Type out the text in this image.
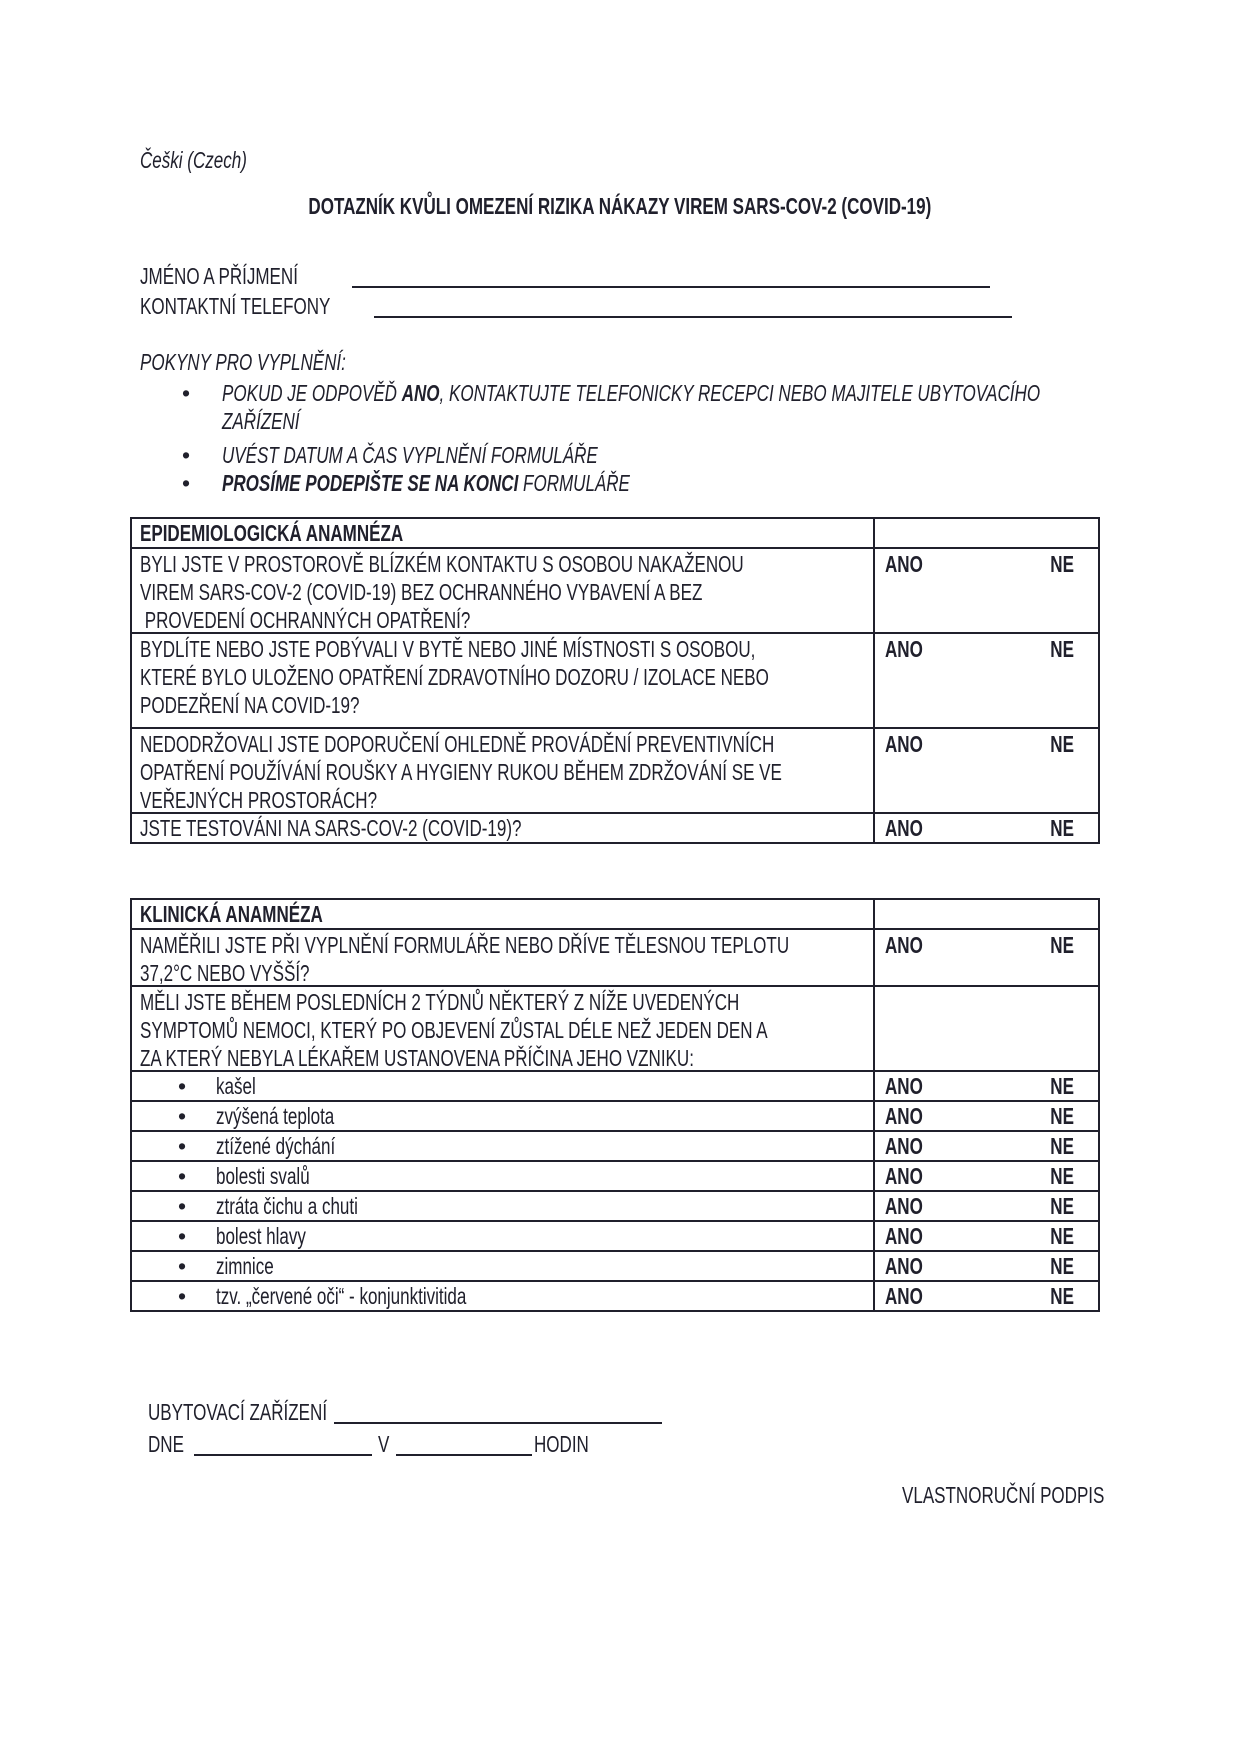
Češki (Czech)
DOTAZNÍK KVŮLI OMEZENÍ RIZIKA NÁKAZY VIREM SARS-COV-2 (COVID-19)
JMÉNO A PŘÍJMENÍ
KONTAKTNÍ TELEFONY
POKYNY PRO VYPLNĚNÍ:
• POKUD JE ODPOVĚĎ ANO, KONTAKTUJTE TELEFONICKY RECEPCI NEBO MAJITELE UBYTOVACÍHO
ZAŘÍZENÍ
• UVÉST DATUM A ČAS VYPLNĚNÍ FORMULÁŘE
• PROSÍME PODEPIŠTE SE NA KONCI FORMULÁŘE
EPIDEMIOLOGICKÁ ANAMNÉZA
BYLI JSTE V PROSTOROVĚ BLÍZKÉM KONTAKTU S OSOBOU NAKAŽENOU
VIREM SARS-COV-2 (COVID-19) BEZ OCHRANNÉHO VYBAVENÍ A BEZ
PROVEDENÍ OCHRANNÝCH OPATŘENÍ?
ANO	NE
BYDLÍTE NEBO JSTE POBÝVALI V BYTĚ NEBO JINÉ MÍSTNOSTI S OSOBOU,
KTERÉ BYLO ULOŽENO OPATŘENÍ ZDRAVOTNÍHO DOZORU / IZOLACE NEBO
PODEZŘENÍ NA COVID-19?
ANO	NE
NEDODRŽOVALI JSTE DOPORUČENÍ OHLEDNĚ PROVÁDĚNÍ PREVENTIVNÍCH
OPATŘENÍ POUŽÍVÁNÍ ROUŠKY A HYGIENY RUKOU BĚHEM ZDRŽOVÁNÍ SE VE
VEŘEJNÝCH PROSTORÁCH?
ANO	NE
JSTE TESTOVÁNI NA SARS-COV-2 (COVID-19)?	ANO	NE
KLINICKÁ ANAMNÉZA
NAMĚŘILI JSTE PŘI VYPLNĚNÍ FORMULÁŘE NEBO DŘÍVE TĚLESNOU TEPLOTU
37,2°C NEBO VYŠŠÍ?
ANO	NE
MĚLI JSTE BĚHEM POSLEDNÍCH 2 TÝDNŮ NĚKTERÝ Z NÍŽE UVEDENÝCH
SYMPTOMŮ NEMOCI, KTERÝ PO OBJEVENÍ ZŮSTAL DÉLE NEŽ JEDEN DEN A
ZA KTERÝ NEBYLA LÉKAŘEM USTANOVENA PŘÍČINA JEHO VZNIKU:
• kašel	ANO	NE
• zvýšená teplota	ANO	NE
• ztížené dýchání	ANO	NE
• bolesti svalů	ANO	NE
• ztráta čichu a chuti	ANO	NE
• bolest hlavy	ANO	NE
• zimnice	ANO	NE
• tzv. „červené oči“ - konjunktivitida	ANO	NE
UBYTOVACÍ ZAŘÍZENÍ
DNE	V	HODIN
VLASTNORUČNÍ PODPIS
